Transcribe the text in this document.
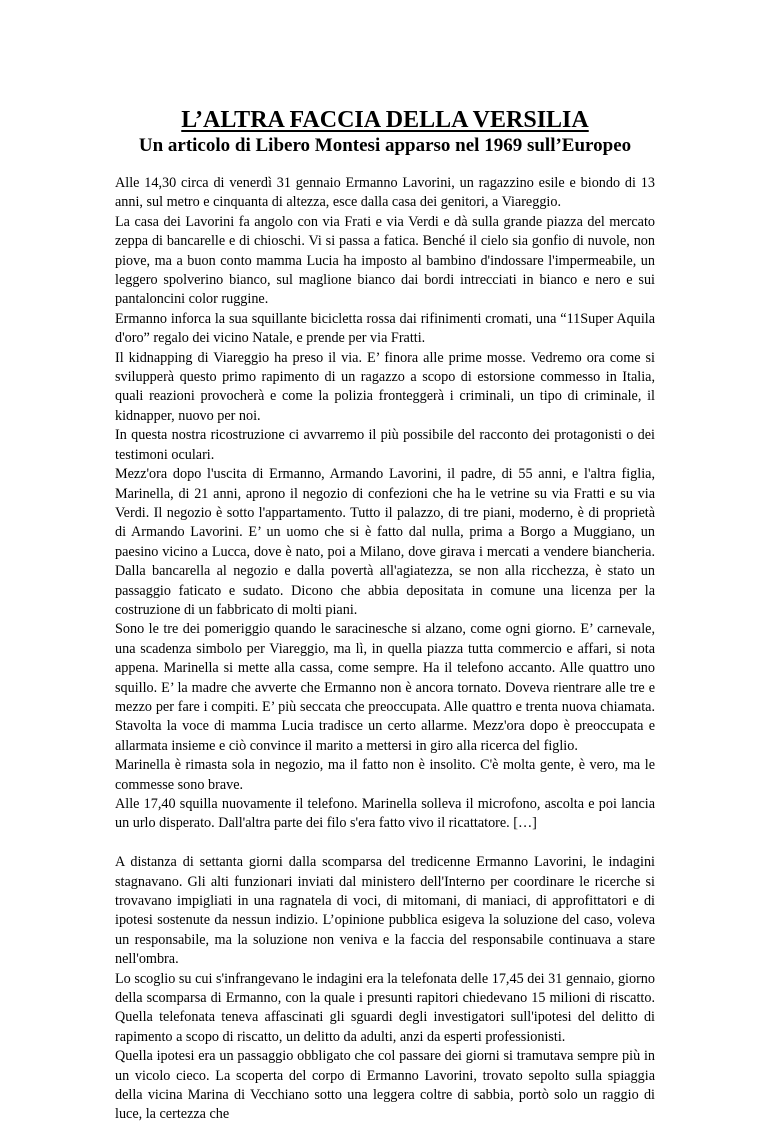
L’ALTRA FACCIA DELLA VERSILIA
Un articolo di Libero Montesi apparso nel 1969 sull’Europeo

Alle 14,30 circa di venerdì 31 gennaio Ermanno Lavorini, un ragazzino esile e biondo di 13 anni, sul metro e cinquanta di altezza, esce dalla casa dei genitori, a Viareggio.

La casa dei Lavorini fa angolo con via Frati e via Verdi e dà sulla grande piazza del mercato zeppa di bancarelle e di chioschi. Vi si passa a fatica. Benché il cielo sia gonfio di nuvole, non piove, ma a buon conto mamma Lucia ha imposto al bambino d'indossare l'impermeabile, un leggero spolverino bianco, sul maglione bianco dai bordi intrecciati in bianco e nero e sui pantaloncini color ruggine.

Ermanno inforca la sua squillante bicicletta rossa dai rifinimenti cromati, una “11Super Aquila d'oro” regalo dei vicino Natale, e prende per via Fratti.

Il kidnapping di Viareggio ha preso il via. E’ finora alle prime mosse. Vedremo ora come si svilupperà questo primo rapimento di un ragazzo a scopo di estorsione commesso in Italia, quali reazioni provocherà e come la polizia fronteggerà i criminali, un tipo di criminale, il kidnapper, nuovo per noi.

In questa nostra ricostruzione ci avvarremo il più possibile del racconto dei protagonisti o dei testimoni oculari.

Mezz'ora dopo l'uscita di Ermanno, Armando Lavorini, il padre, di 55 anni, e l'altra figlia, Marinella, di 21 anni, aprono il negozio di confezioni che ha le vetrine su via Fratti e su via Verdi. Il negozio è sotto l'appartamento. Tutto il palazzo, di tre piani, moderno, è di proprietà di Armando Lavorini. E’ un uomo che si è fatto dal nulla, prima a Borgo a Muggiano, un paesino vicino a Lucca, dove è nato, poi a Milano, dove girava i mercati a vendere biancheria. Dalla bancarella al negozio e dalla povertà all'agiatezza, se non alla ricchezza, è stato un passaggio faticato e sudato. Dicono che abbia depositata in comune una licenza per la costruzione di un fabbricato di molti piani.

Sono le tre dei pomeriggio quando le saracinesche si alzano, come ogni giorno. E’ carnevale, una scadenza simbolo per Viareggio, ma lì, in quella piazza tutta commercio e affari, si nota appena. Marinella si mette alla cassa, come sempre. Ha il telefono accanto. Alle quattro uno squillo. E’ la madre che avverte che Ermanno non è ancora tornato. Doveva rientrare alle tre e mezzo per fare i compiti. E’ più seccata che preoccupata. Alle quattro e trenta nuova chiamata. Stavolta la voce di mamma Lucia tradisce un certo allarme. Mezz'ora dopo è preoccupata e allarmata insieme e ciò convince il marito a mettersi in giro alla ricerca del figlio.

Marinella è rimasta sola in negozio, ma il fatto non è insolito. C'è molta gente, è vero, ma le commesse sono brave.

Alle 17,40 squilla nuovamente il telefono. Marinella solleva il microfono, ascolta e poi lancia un urlo disperato. Dall'altra parte dei filo s'era fatto vivo il ricattatore. […]

A distanza di settanta giorni dalla scomparsa del tredicenne Ermanno Lavorini, le indagini stagnavano. Gli alti funzionari inviati dal ministero dell'Interno per coordinare le ricerche si trovavano impigliati in una ragnatela di voci, di mitomani, di maniaci, di approfittatori e di ipotesi sostenute da nessun indizio. L’opinione pubblica esigeva la soluzione del caso, voleva un responsabile, ma la soluzione non veniva e la faccia del responsabile continuava a stare nell'ombra.

Lo scoglio su cui s'infrangevano le indagini era la telefonata delle 17,45 dei 31 gennaio, giorno della scomparsa di Ermanno, con la quale i presunti rapitori chiedevano 15 milioni di riscatto. Quella telefonata teneva affascinati gli sguardi degli investigatori sull'ipotesi del delitto di rapimento a scopo di riscatto, un delitto da adulti, anzi da esperti professionisti.

Quella ipotesi era un passaggio obbligato che col passare dei giorni si tramutava sempre più in un vicolo cieco. La scoperta del corpo di Ermanno Lavorini, trovato sepolto sulla spiaggia della vicina Marina di Vecchiano sotto una leggera coltre di sabbia, portò solo un raggio di luce, la certezza che
